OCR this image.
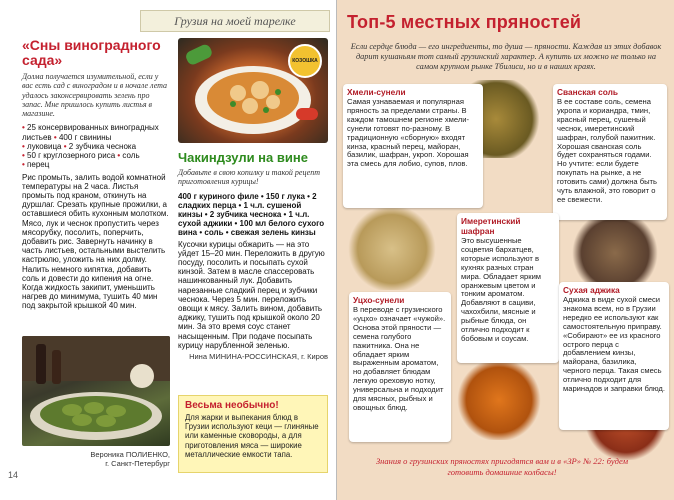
Грузия на моей тарелке
«Сны виноградного сада»
Долма получается изумительной, если у вас есть сад с виноградом и в ночале лета удалось законсервировать зелень про запас. Мне пришлось купить листья в магазине.
• 25 консервированных виноградных листьев • 400 г свинины
• луковица • 2 зубчика чеснока
• 50 г круглозерного риса • соль
• перец
Рис промыть, залить водой комнатной температуры на 2 часа. Листья промыть под краном, откинуть на дуршлаг. Срезать крупные прожилки, а оставшиеся обить кухонным молотком. Мясо, лук и чеснок пропустить через мясорубку, посолить, поперчить, добавить рис. Завернуть начинку в часть листьев, остальными выстелить кастрюлю, уложить на них долму. Налить немного кипятка, добавить соль и довести до кипения на огне. Когда жидкость закипит, уменьшить нагрев до минимума, тушить 40 мин под закрытой крышкой 40 мин.
Вероника ПОЛИЕНКО,
г. Санкт-Петербург
14
КОЗОШКА
Чакиндзули на вине
Добавьте в свою копилку и такой рецепт приготовления курицы!
400 г куриного филе • 150 г лука • 2 сладких перца • 1 ч.л. сушеной кинзы • 2 зубчика чеснока • 1 ч.л. сухой аджики • 100 мл белого сухого вина • соль • свежая зелень кинзы
Кусочки курицы обжарить — на это уйдет 15–20 мин. Переложить в другую посуду, посолить и посыпать сухой кинзой. Затем в масле спассеровать нашинкованный лук. Добавить нарезанные сладкий перец и зубчики чеснока. Через 5 мин. переложить овощи к мясу. Залить вином, добавить аджику, тушить под крышкой около 20 мин. За это время соус станет насыщенным. При подаче посыпать курицу нарубленной зеленью.
Нина МИНИНА-РОССИНСКАЯ, г. Киров
Весьма необычно!
Для жарки и выпекания блюд в Грузии используют кеци — глиняные или каменные сковороды, а для приготовления мяса — широкие металлические емкости тапа.
Топ-5 местных пряностей
Если сердце блюда — его ингредиенты, то душа — пряности. Каждая из этих добавок дарит кушаньям тот самый грузинский характер. А купить их можно не только на самом крупном рынке Тбилиси, но и в наших краях.
Хмели-сунели
Самая узнаваемая и популярная пряность за пределами страны. В каждом тамошнем регионе хмели-сунели готовят по-разному. В традиционную «сборную» входят кинза, красный перец, майоран, базилик, шафран, укроп. Хорошая эта смесь для лобио, супов, плов.
Сванская соль
В ее составе соль, семена укропа и кориандра, тмин, красный перец, сушеный чеснок, имеретинский шафран, голубой пажитник. Хорошая сванская соль будет сохраняться годами. Но учтите: если будете покупать на рынке, а не готовить сами) должна быть чуть влажной, это говорит о ее свежести.
Имеретинский шафран
Это высушенные соцветия бархатцев, которые используют в кухнях разных стран мира. Обладает ярким оранжевым цветом и тонким ароматом. Добавляют в сациви, чахохбили, мясные и рыбные блюда, он отлично подходит к бобовым и соусам.
Уцхо-сунели
В переводе с грузинского «уцхо» означает «чужой». Основа этой пряности — семена голубого пажитника. Она не обладает ярким выраженным ароматом, но добавляет блюдам легкую ореховую нотку, универсальна и подходит для мясных, рыбных и овощных блюд.
Сухая аджика
Аджика в виде сухой смеси знакома всем, но в Грузии нередко ее используют как самостоятельную приправу. «Собирают» ее из красного острого перца с добавлением кинзы, майорана, базилика, черного перца. Такая смесь отлично подходит для маринадов и заправки блюд.
Знания о грузинских пряностях пригодятся вам и в «ЗР» № 22: будем готовить домашние колбасы!
